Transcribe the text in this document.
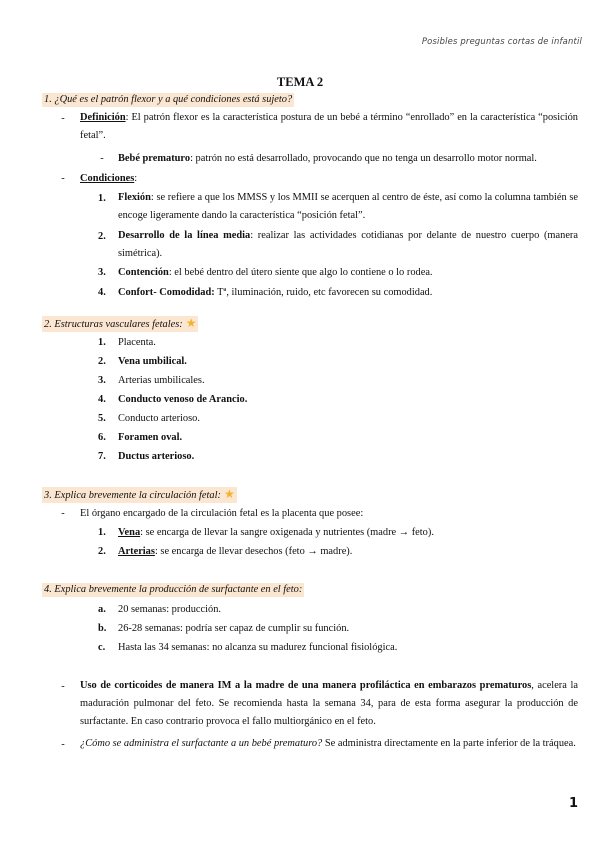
Posibles preguntas cortas de infantil
TEMA 2
1. ¿Qué es el patrón flexor y a qué condiciones está sujeto?
-	Definición: El patrón flexor es la característica postura de un bebé a término “enrollado” en la característica “posición fetal”.
-	Bebé prematuro: patrón no está desarrollado, provocando que no tenga un desarrollo motor normal.
-	Condiciones:
1.	Flexión: se refiere a que los MMSS y los MMII se acerquen al centro de éste, así como la columna también se encoge ligeramente dando la característica “posición fetal”.
2.	Desarrollo de la línea media: realizar las actividades cotidianas por delante de nuestro cuerpo (manera simétrica).
3.	Contención: el bebé dentro del útero siente que algo lo contiene o lo rodea.
4.	Confort- Comodidad: Tª, iluminación, ruido, etc favorecen su comodidad.
2. Estructuras vasculares fetales: ★
1.	Placenta.
2.	Vena umbilical.
3.	Arterias umbilicales.
4.	Conducto venoso de Arancio.
5.	Conducto arterioso.
6.	Foramen oval.
7.	Ductus arterioso.
3. Explica brevemente la circulación fetal: ★
-	El órgano encargado de la circulación fetal es la placenta que posee:
1.	Vena: se encarga de llevar la sangre oxigenada y nutrientes (madre → feto).
2.	Arterias: se encarga de llevar desechos (feto → madre).
4. Explica brevemente la producción de surfactante en el feto:
a.	20 semanas: producción.
b.	26-28 semanas: podría ser capaz de cumplir su función.
c.	Hasta las 34 semanas: no alcanza su madurez funcional fisiológica.
-	Uso de corticoides de manera IM a la madre de una manera profiláctica en embarazos prematuros, acelera la maduración pulmonar del feto. Se recomienda hasta la semana 34, para de esta forma asegurar la producción de surfactante. En caso contrario provoca el fallo multiorgánico en el feto.
-	¿Cómo se administra el surfactante a un bebé prematuro? Se administra directamente en la parte inferior de la tráquea.
1
